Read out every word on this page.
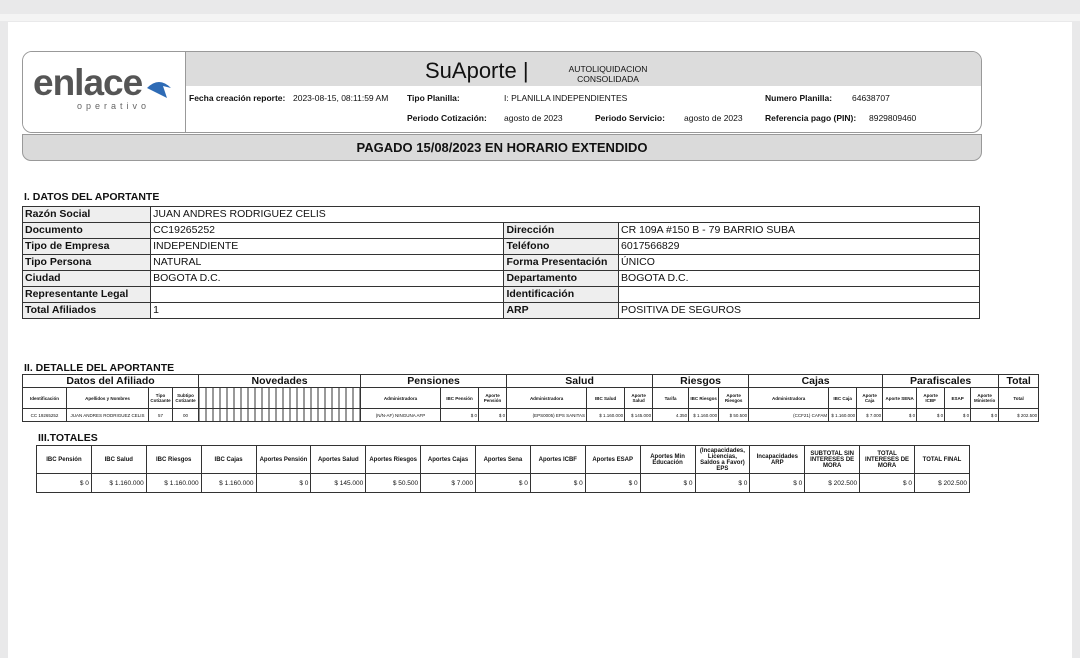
enlace
operativo
SuAporte |	AUTOLIQUIDACION CONSOLIDADA
Fecha creación reporte: 2023-08-15, 08:11:59 AM Tipo Planilla:	I: PLANILLA INDEPENDIENTES	Numero Planilla: 64638707
Periodo Cotización: agosto de 2023	Periodo Servicio: agosto de 2023	Referencia pago (PIN): 8929809460
PAGADO 15/08/2023 EN HORARIO EXTENDIDO
I. DATOS DEL APORTANTE
Razón Social	JUAN ANDRES RODRIGUEZ CELIS		
Documento	CC19265252	Dirección	CR 109A #150 B - 79 BARRIO SUBA
Tipo de Empresa	INDEPENDIENTE	Teléfono	6017566829
Tipo Persona	NATURAL	Forma Presentación	ÚNICO
Ciudad	BOGOTA D.C.	Departamento	BOGOTA D.C.
Representante Legal		Identificación	
Total Afiliados	1	ARP	POSITIVA DE SEGUROS
II. DETALLE DEL APORTANTE
Datos del Afiliado				Novedades	Pensiones			Salud			Riesgos			Cajas			Parafiscales				Total
Identificación	Apellidos y Nombres	Tipo Cotizante	Subtipo Cotizante		Administradora	IBC Pensión	Aporte Pensión	Administradora	IBC Salud	Aporte Salud	Tarifa	IBC Riesgos	Aporte Riesgos	Administradora	IBC Caja	Aporte Caja	Aporte SENA	Aporte ICBF	ESAP	Aporte Ministerio	Total
CC 19265252	JUAN ANDRES RODRIGUEZ CELIS	57	00		(N/N-AF) NINGUNA AFP	$ 0	$ 0	(EPS0005) EPS SANITAS	$ 1.160.000	$ 145.000	4.350	$ 1.160.000	$ 50.500	(CCF21) CAFAM	$ 1.160.000	$ 7.000	$ 0	$ 0	$ 0	$ 0	$ 202.500
III.TOTALES
IBC Pensión	IBC Salud	IBC Riesgos	IBC Cajas	Aportes Pensión	Aportes Salud	Aportes Riesgos	Aportes Cajas	Aportes Sena	Aportes ICBF	Aportes ESAP	Aportes Min Educación	(Incapacidades, Licencias, Saldos a Favor) EPS	Incapacidades ARP	SUBTOTAL SIN INTERESES DE MORA	TOTAL INTERESES DE MORA	TOTAL FINAL
$ 0	$ 1.160.000	$ 1.160.000	$ 1.160.000	$ 0	$ 145.000	$ 50.500	$ 7.000	$ 0	$ 0	$ 0	$ 0	$ 0	$ 0	$ 202.500	$ 0	$ 202.500
